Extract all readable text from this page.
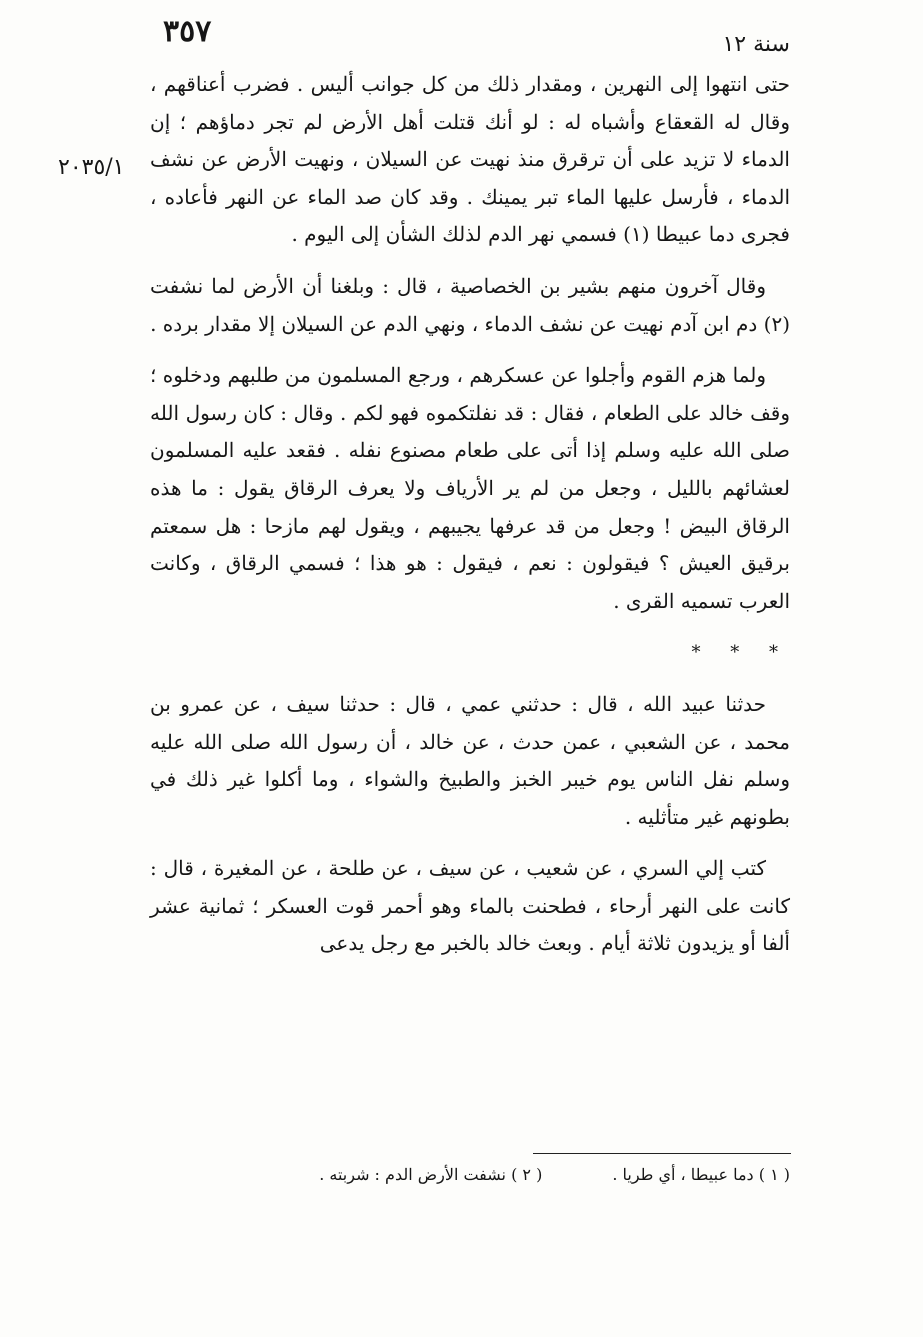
٣٥٧	سنة ١٢
٢٠٣٥/١

حتى انتهوا إلى النهرين ، ومقدار ذلك من كل جوانب أليس . فضرب أعناقهم ، وقال له القعقاع وأشباه له : لو أنك قتلت أهل الأرض لم تجر دماؤهم ؛ إن الدماء لا تزيد على أن ترقرق منذ نهيت عن السيلان ، ونهيت الأرض عن نشف الدماء ، فأرسل عليها الماء تبر يمينك . وقد كان صد الماء عن النهر فأعاده ، فجرى دما عبيطا (١) فسمي نهر الدم لذلك الشأن إلى اليوم .

وقال آخرون منهم بشير بن الخصاصية ، قال : وبلغنا أن الأرض لما نشفت (٢) دم ابن آدم نهيت عن نشف الدماء ، ونهي الدم عن السيلان إلا مقدار برده .

ولما هزم القوم وأجلوا عن عسكرهم ، ورجع المسلمون من طلبهم ودخلوه ؛ وقف خالد على الطعام ، فقال : قد نفلتكموه فهو لكم . وقال : كان رسول الله صلى الله عليه وسلم إذا أتى على طعام مصنوع نفله . فقعد عليه المسلمون لعشائهم بالليل ، وجعل من لم ير الأرياف ولا يعرف الرقاق يقول : ما هذه الرقاق البيض ! وجعل من قد عرفها يجيبهم ، ويقول لهم مازحا : هل سمعتم برقيق العيش ؟ فيقولون : نعم ، فيقول : هو هذا ؛ فسمي الرقاق ، وكانت العرب تسميه القرى .

* * *

حدثنا عبيد الله ، قال : حدثني عمي ، قال : حدثنا سيف ، عن عمرو بن محمد ، عن الشعبي ، عمن حدث ، عن خالد ، أن رسول الله صلى الله عليه وسلم نفل الناس يوم خيبر الخبز والطبيخ والشواء ، وما أكلوا غير ذلك في بطونهم غير متأثليه .

كتب إلي السري ، عن شعيب ، عن سيف ، عن طلحة ، عن المغيرة ، قال : كانت على النهر أرحاء ، فطحنت بالماء وهو أحمر قوت العسكر ؛ ثمانية عشر ألفا أو يزيدون ثلاثة أيام . وبعث خالد بالخبر مع رجل يدعى

( ١ ) دما عبيطا ، أي طريا .
( ٢ ) نشفت الأرض الدم : شربته .
